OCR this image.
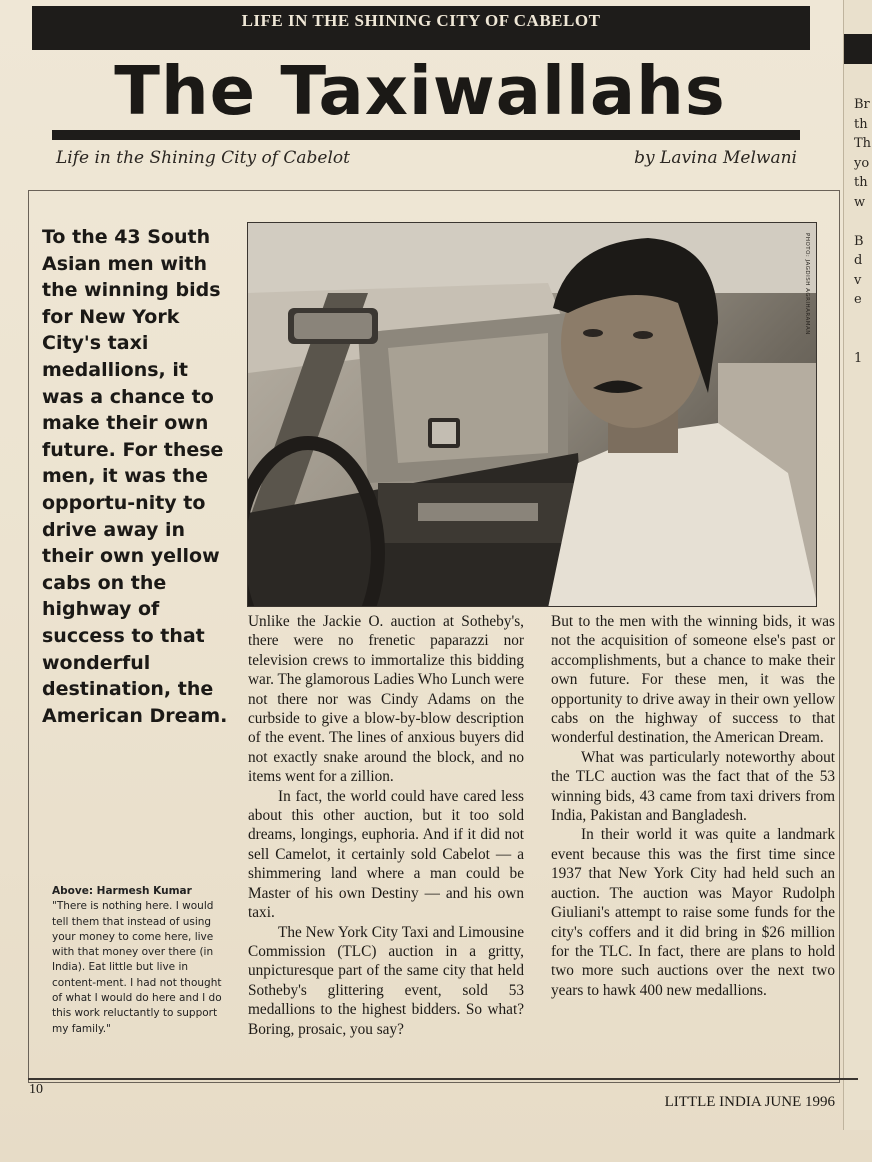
Br
th
Th
yo
th
w

B
d
v
e

1
LIFE IN THE SHINING CITY OF CABELOT
The Taxiwallahs
Life in the Shining City of Cabelot	by Lavina Melwani
To the 43 South Asian men with the winning bids for New York City's taxi medallions, it was a chance to make their own future. For these men, it was the opportu-nity to drive away in their own yellow cabs on the highway of success to that wonderful destination, the American Dream.
Above: Harmesh Kumar
"There is nothing here. I would tell them that instead of using your money to come here, live with that money over there (in India). Eat little but live in content-ment. I had not thought of what I would do here and I do this work reluctantly to support my family."
PHOTO: JAGDISH AGRIHARAMAN

Unlike the Jackie O. auction at Sotheby's, there were no frenetic paparazzi nor television crews to immortalize this bidding war. The glamorous Ladies Who Lunch were not there nor was Cindy Adams on the curbside to give a blow-by-blow description of the event. The lines of anxious buyers did not exactly snake around the block, and no items went for a zillion.

In fact, the world could have cared less about this other auction, but it too sold dreams, longings, euphoria. And if it did not sell Camelot, it certainly sold Cabelot — a shimmering land where a man could be Master of his own Destiny — and his own taxi.

The New York City Taxi and Limousine Commission (TLC) auction in a gritty, unpicturesque part of the same city that held Sotheby's glittering event, sold 53 medallions to the highest bidders. So what? Boring, prosaic, you say?

But to the men with the winning bids, it was not the acquisition of someone else's past or accomplishments, but a chance to make their own future. For these men, it was the opportunity to drive away in their own yellow cabs on the highway of success to that wonderful destination, the American Dream.

What was particularly noteworthy about the TLC auction was the fact that of the 53 winning bids, 43 came from taxi drivers from India, Pakistan and Bangladesh.

In their world it was quite a landmark event because this was the first time since 1937 that New York City had held such an auction. The auction was Mayor Rudolph Giuliani's attempt to raise some funds for the city's coffers and it did bring in $26 million for the TLC. In fact, there are plans to hold two more such auctions over the next two years to hawk 400 new medallions.

10
LITTLE INDIA JUNE 1996
